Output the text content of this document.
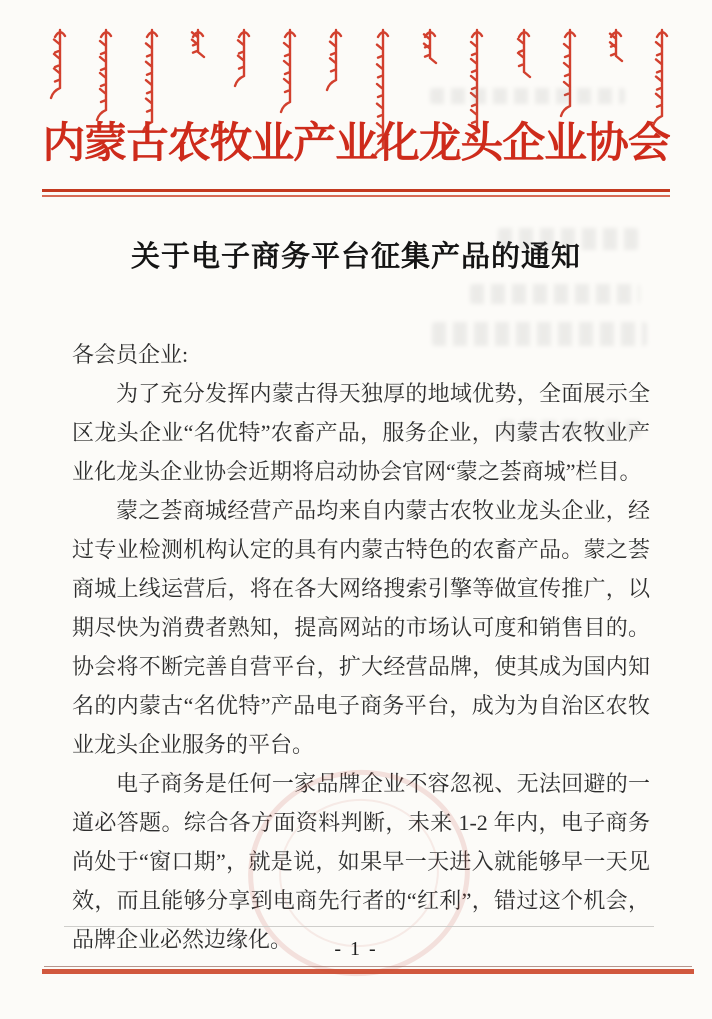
内蒙古农牧业产业化龙头企业协会
关于电子商务平台征集产品的通知

各会员企业:

为了充分发挥内蒙古得天独厚的地域优势，全面展示全区龙头企业“名优特”农畜产品，服务企业，内蒙古农牧业产业化龙头企业协会近期将启动协会官网“蒙之荟商城”栏目。

蒙之荟商城经营产品均来自内蒙古农牧业龙头企业，经过专业检测机构认定的具有内蒙古特色的农畜产品。蒙之荟商城上线运营后，将在各大网络搜索引擎等做宣传推广，以期尽快为消费者熟知，提高网站的市场认可度和销售目的。协会将不断完善自营平台，扩大经营品牌，使其成为国内知名的内蒙古“名优特”产品电子商务平台，成为为自治区农牧业龙头企业服务的平台。

电子商务是任何一家品牌企业不容忽视、无法回避的一道必答题。综合各方面资料判断，未来 1-2 年内，电子商务尚处于“窗口期”，就是说，如果早一天进入就能够早一天见效，而且能够分享到电商先行者的“红利”，错过这个机会，品牌企业必然边缘化。	- 1 -
